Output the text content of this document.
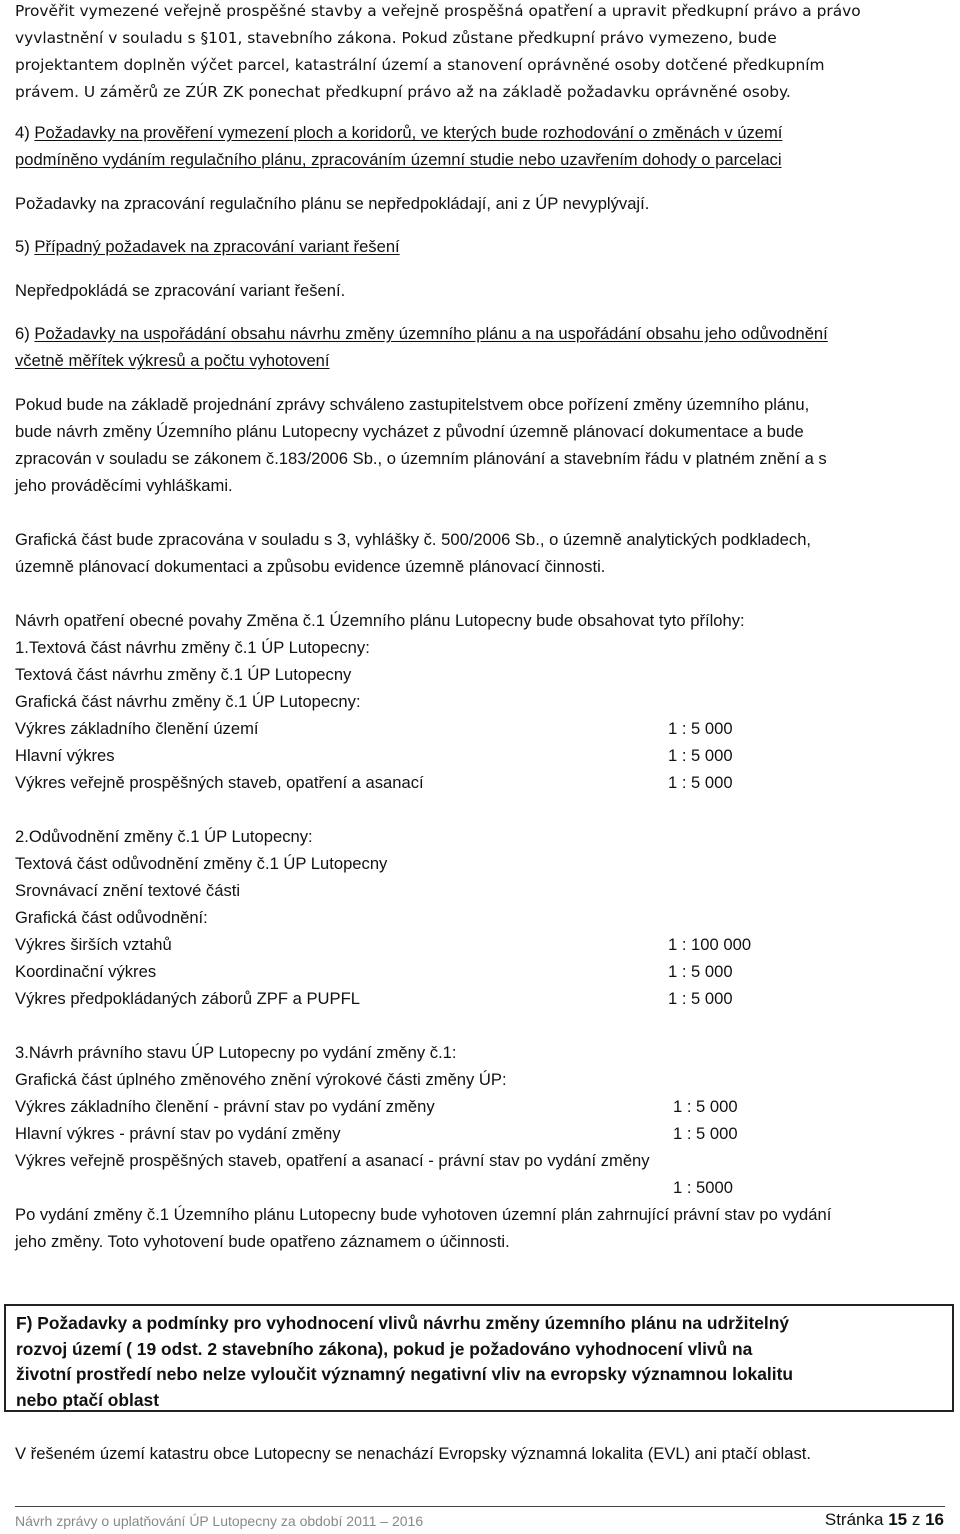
Prověřit vymezené veřejně prospěšné stavby a veřejně prospěšná opatření a upravit předkupní právo a právo
vyvlastnění v souladu s §101, stavebního zákona. Pokud zůstane předkupní právo vymezeno, bude
projektantem doplněn výčet parcel, katastrální území a stanovení oprávněné osoby dotčené předkupním
právem. U záměrů ze ZÚR ZK ponechat předkupní právo až na základě požadavku oprávněné osoby.
4) Požadavky na prověření vymezení ploch a koridorů, ve kterých bude rozhodování o změnách v území
podmíněno vydáním regulačního plánu, zpracováním územní studie nebo uzavřením dohody o parcelaci
Požadavky na zpracování regulačního plánu se nepředpokládají, ani z ÚP nevyplývají.
5) Případný požadavek na zpracování variant řešení
Nepředpokládá se zpracování variant řešení.
6) Požadavky na uspořádání obsahu návrhu změny územního plánu a na uspořádání obsahu jeho odůvodnění
včetně měřítek výkresů a počtu vyhotovení
Pokud bude na základě projednání zprávy schváleno zastupitelstvem obce pořízení změny územního plánu,
bude návrh změny Územního plánu Lutopecny vycházet z původní územně plánovací dokumentace a bude
zpracován v souladu se zákonem č.183/2006 Sb., o územním plánování a stavebním řádu v platném znění a s
jeho prováděcími vyhláškami.
Grafická část bude zpracována v souladu s 3, vyhlášky č. 500/2006 Sb., o územně analytických podkladech,
územně plánovací dokumentaci a způsobu evidence územně plánovací činnosti.
Návrh opatření obecné povahy Změna č.1 Územního plánu Lutopecny bude obsahovat tyto přílohy:
1.Textová část návrhu změny č.1 ÚP Lutopecny:
Textová část návrhu změny č.1 ÚP Lutopecny
Grafická část návrhu změny č.1 ÚP Lutopecny:
Výkres základního členění území	1 : 5 000
Hlavní výkres	1 : 5 000
Výkres veřejně prospěšných staveb, opatření a asanací	1 : 5 000
2.Odůvodnění změny č.1 ÚP Lutopecny:
Textová část odůvodnění změny č.1 ÚP Lutopecny
Srovnávací znění textové části
Grafická část odůvodnění:
Výkres širších vztahů	1 : 100 000
Koordinační výkres	1 : 5 000
Výkres předpokládaných záborů ZPF a PUPFL	1 : 5 000
3.Návrh právního stavu ÚP Lutopecny po vydání změny č.1:
Grafická část úplného změnového znění výrokové části změny ÚP:
Výkres základního členění - právní stav po vydání změny	1 : 5 000
Hlavní výkres - právní stav po vydání změny	1 : 5 000
Výkres veřejně prospěšných staveb, opatření a asanací - právní stav po vydání změny
1 : 5000
Po vydání změny č.1 Územního plánu Lutopecny bude vyhotoven územní plán zahrnující právní stav po vydání
jeho změny. Toto vyhotovení bude opatřeno záznamem o účinnosti.
F) Požadavky a podmínky pro vyhodnocení vlivů návrhu změny územního plánu na udržitelný
rozvoj území ( 19 odst. 2 stavebního zákona), pokud je požadováno vyhodnocení vlivů na
životní prostředí nebo nelze vyloučit významný negativní vliv na evropsky významnou lokalitu
nebo ptačí oblast
V řešeném území katastru obce Lutopecny se nenachází Evropsky významná lokalita (EVL) ani ptačí oblast.
Návrh zprávy o uplatňování ÚP Lutopecny za období 2011 – 2016	Stránka 15 z 16
